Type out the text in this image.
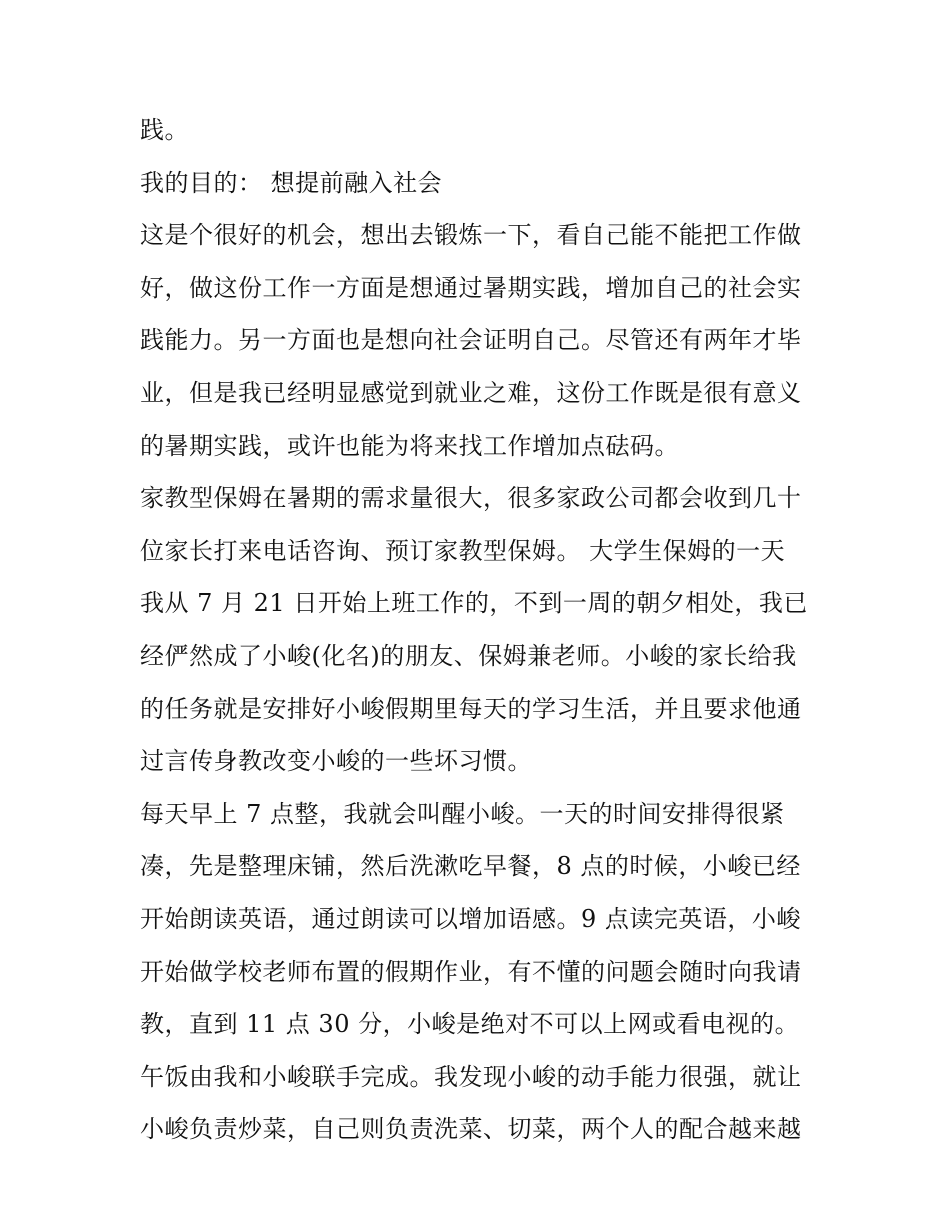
践。
我的目的： 想提前融入社会
这是个很好的机会，想出去锻炼一下，看自己能不能把工作做
好，做这份工作一方面是想通过暑期实践，增加自己的社会实
践能力。另一方面也是想向社会证明自己。尽管还有两年才毕
业，但是我已经明显感觉到就业之难，这份工作既是很有意义
的暑期实践，或许也能为将来找工作增加点砝码。
家教型保姆在暑期的需求量很大，很多家政公司都会收到几十
位家长打来电话咨询、预订家教型保姆。 大学生保姆的一天
我从 7 月 21 日开始上班工作的，不到一周的朝夕相处，我已
经俨然成了小峻(化名)的朋友、保姆兼老师。小峻的家长给我
的任务就是安排好小峻假期里每天的学习生活，并且要求他通
过言传身教改变小峻的一些坏习惯。
每天早上 7 点整，我就会叫醒小峻。一天的时间安排得很紧
凑，先是整理床铺，然后洗漱吃早餐，8 点的时候，小峻已经
开始朗读英语，通过朗读可以增加语感。9 点读完英语，小峻
开始做学校老师布置的假期作业，有不懂的问题会随时向我请
教，直到 11 点 30 分，小峻是绝对不可以上网或看电视的。
午饭由我和小峻联手完成。我发现小峻的动手能力很强，就让
小峻负责炒菜，自己则负责洗菜、切菜，两个人的配合越来越
